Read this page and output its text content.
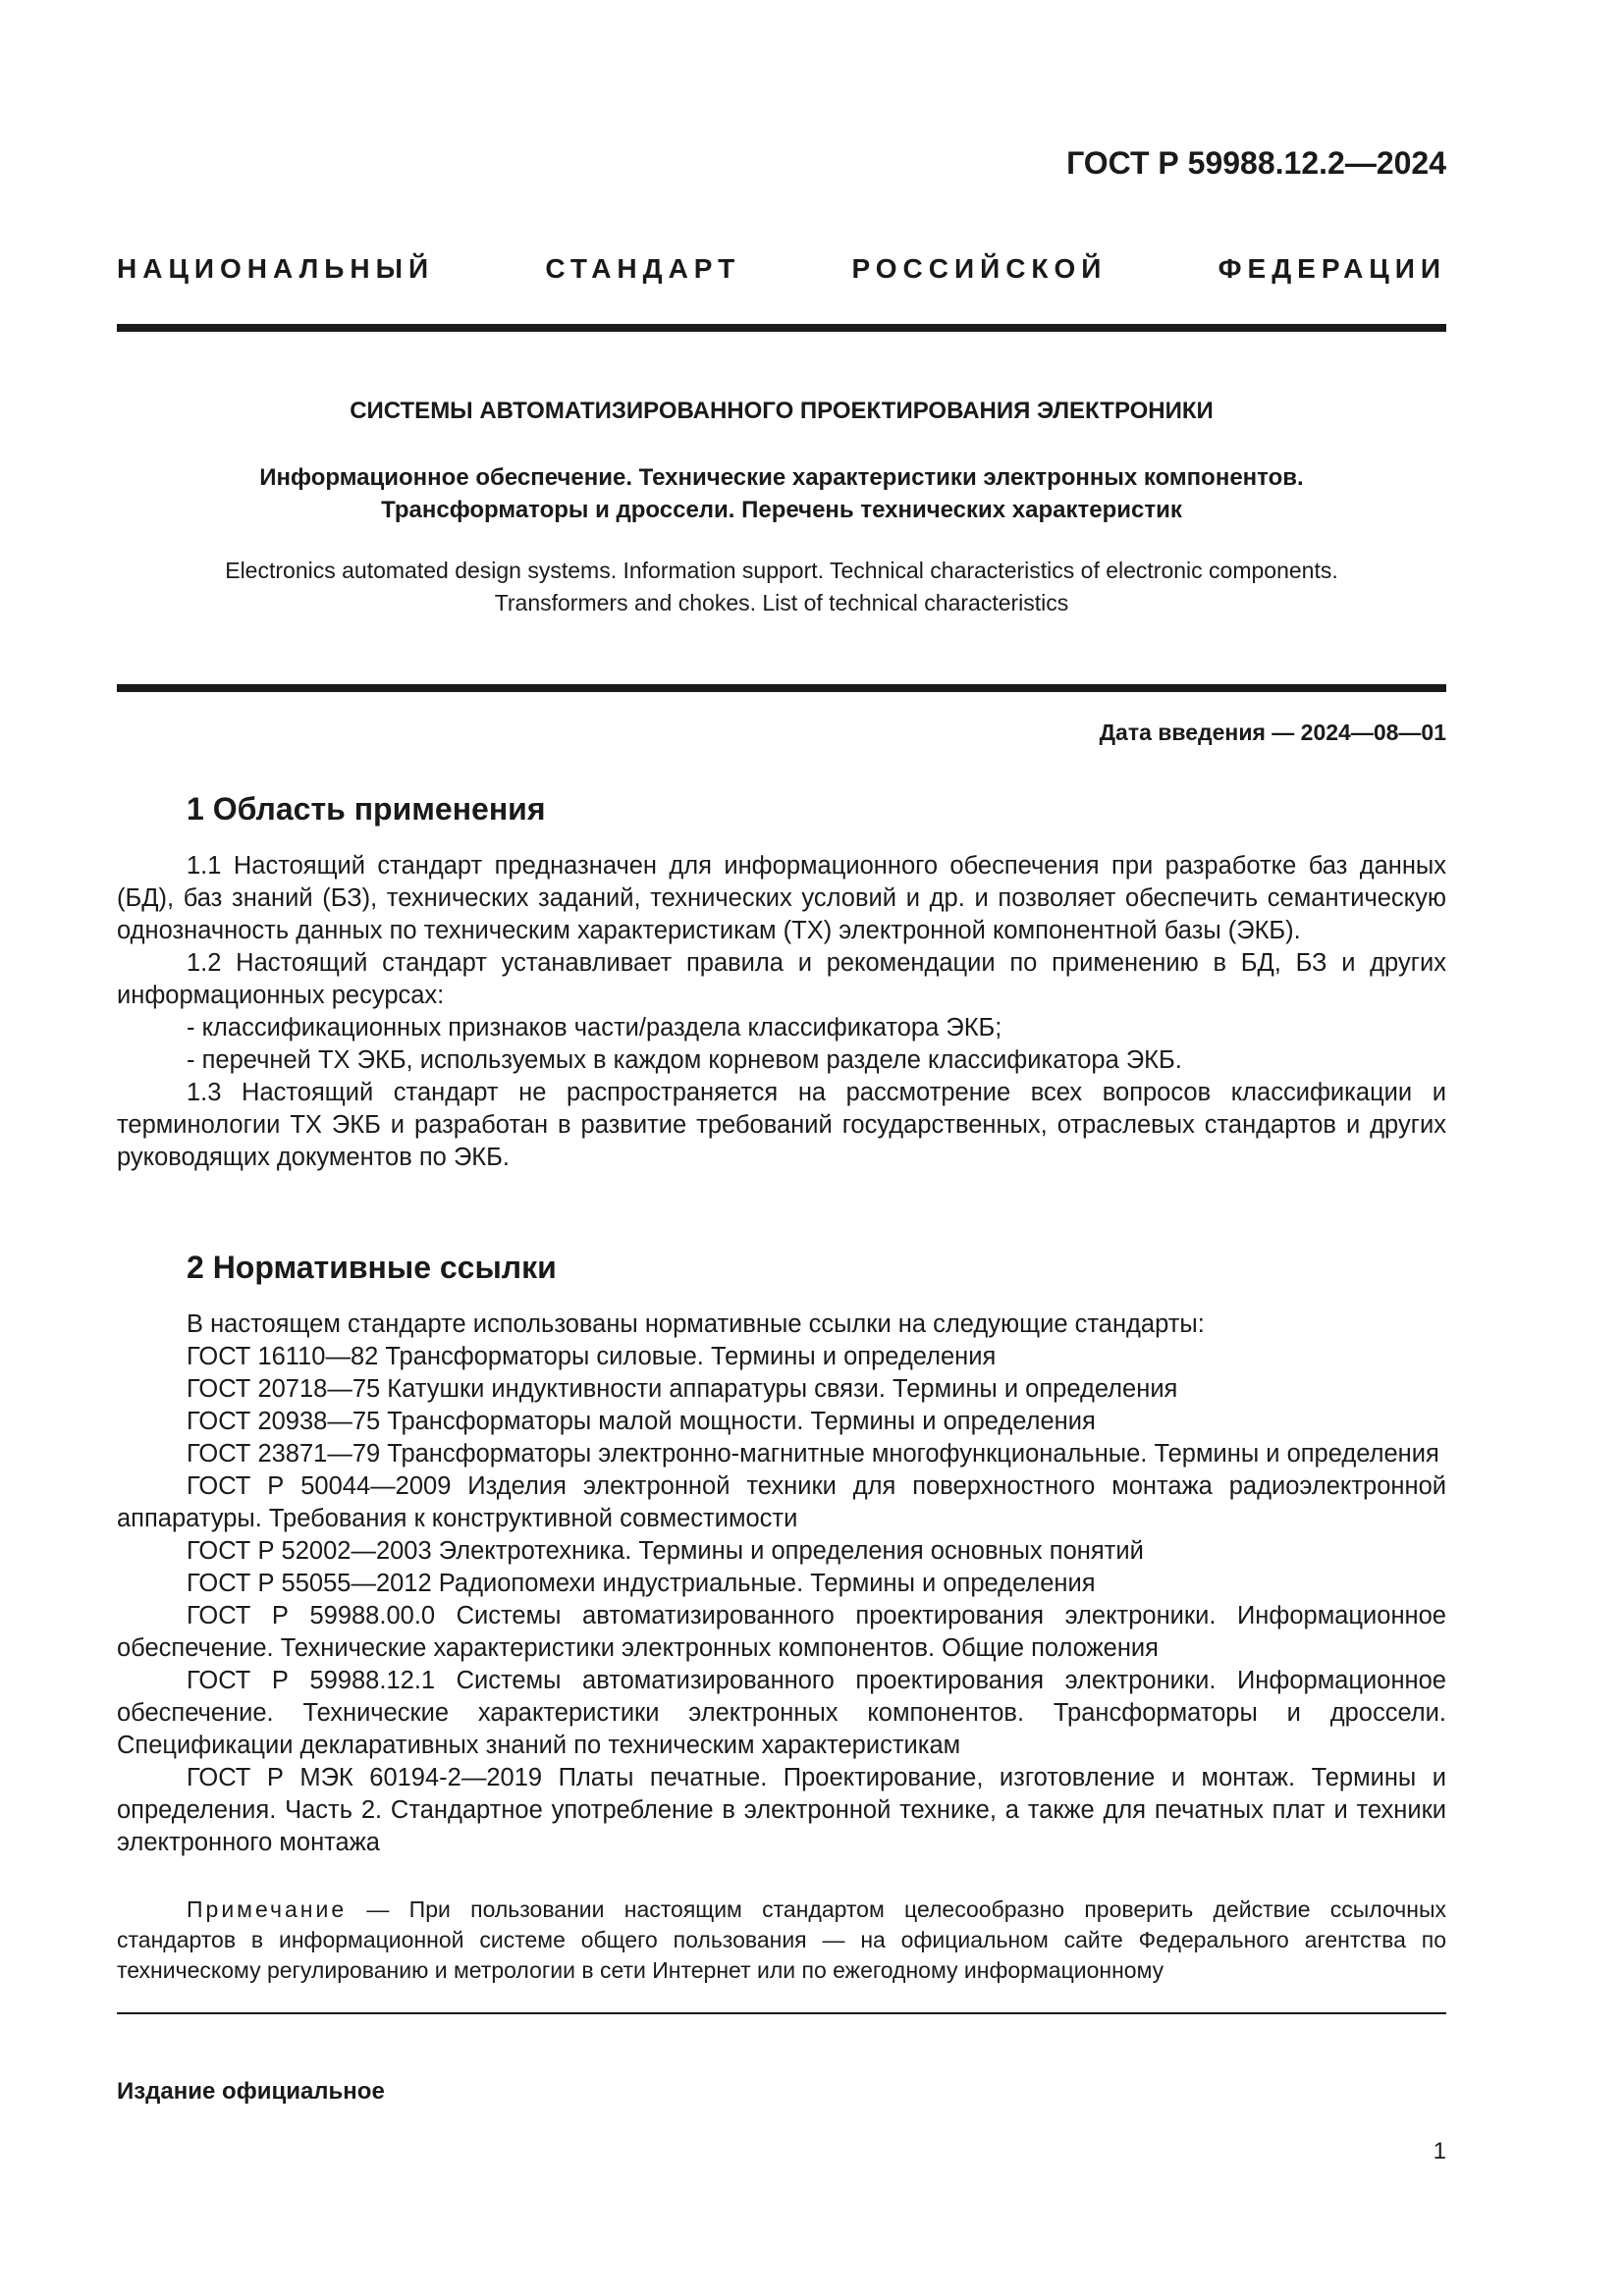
ГОСТ Р 59988.12.2—2024
НАЦИОНАЛЬНЫЙ СТАНДАРТ РОССИЙСКОЙ ФЕДЕРАЦИИ
СИСТЕМЫ АВТОМАТИЗИРОВАННОГО ПРОЕКТИРОВАНИЯ ЭЛЕКТРОНИКИ
Информационное обеспечение. Технические характеристики электронных компонентов.
Трансформаторы и дроссели. Перечень технических характеристик
Electronics automated design systems. Information support. Technical characteristics of electronic components.
Transformers and chokes. List of technical characteristics
Дата введения — 2024—08—01
1 Область применения

1.1 Настоящий стандарт предназначен для информационного обеспечения при разработке баз данных (БД), баз знаний (БЗ), технических заданий, технических условий и др. и позволяет обеспечить семантическую однозначность данных по техническим характеристикам (ТХ) электронной компонентной базы (ЭКБ).

1.2 Настоящий стандарт устанавливает правила и рекомендации по применению в БД, БЗ и других информационных ресурсах:

- классификационных признаков части/раздела классификатора ЭКБ;

- перечней ТХ ЭКБ, используемых в каждом корневом разделе классификатора ЭКБ.

1.3 Настоящий стандарт не распространяется на рассмотрение всех вопросов классификации и терминологии ТХ ЭКБ и разработан в развитие требований государственных, отраслевых стандартов и других руководящих документов по ЭКБ.

2 Нормативные ссылки

В настоящем стандарте использованы нормативные ссылки на следующие стандарты:

ГОСТ 16110—82 Трансформаторы силовые. Термины и определения

ГОСТ 20718—75 Катушки индуктивности аппаратуры связи. Термины и определения

ГОСТ 20938—75 Трансформаторы малой мощности. Термины и определения

ГОСТ 23871—79 Трансформаторы электронно-магнитные многофункциональные. Термины и определения

ГОСТ Р 50044—2009 Изделия электронной техники для поверхностного монтажа радиоэлектронной аппаратуры. Требования к конструктивной совместимости

ГОСТ Р 52002—2003 Электротехника. Термины и определения основных понятий

ГОСТ Р 55055—2012 Радиопомехи индустриальные. Термины и определения

ГОСТ Р 59988.00.0 Системы автоматизированного проектирования электроники. Информационное обеспечение. Технические характеристики электронных компонентов. Общие положения

ГОСТ Р 59988.12.1 Системы автоматизированного проектирования электроники. Информационное обеспечение. Технические характеристики электронных компонентов. Трансформаторы и дроссели. Спецификации декларативных знаний по техническим характеристикам

ГОСТ Р МЭК 60194-2—2019 Платы печатные. Проектирование, изготовление и монтаж. Термины и определения. Часть 2. Стандартное употребление в электронной технике, а также для печатных плат и техники электронного монтажа

Примечание — При пользовании настоящим стандартом целесообразно проверить действие ссылочных стандартов в информационной системе общего пользования — на официальном сайте Федерального агентства по техническому регулированию и метрологии в сети Интернет или по ежегодному информационному

Издание официальное
1
